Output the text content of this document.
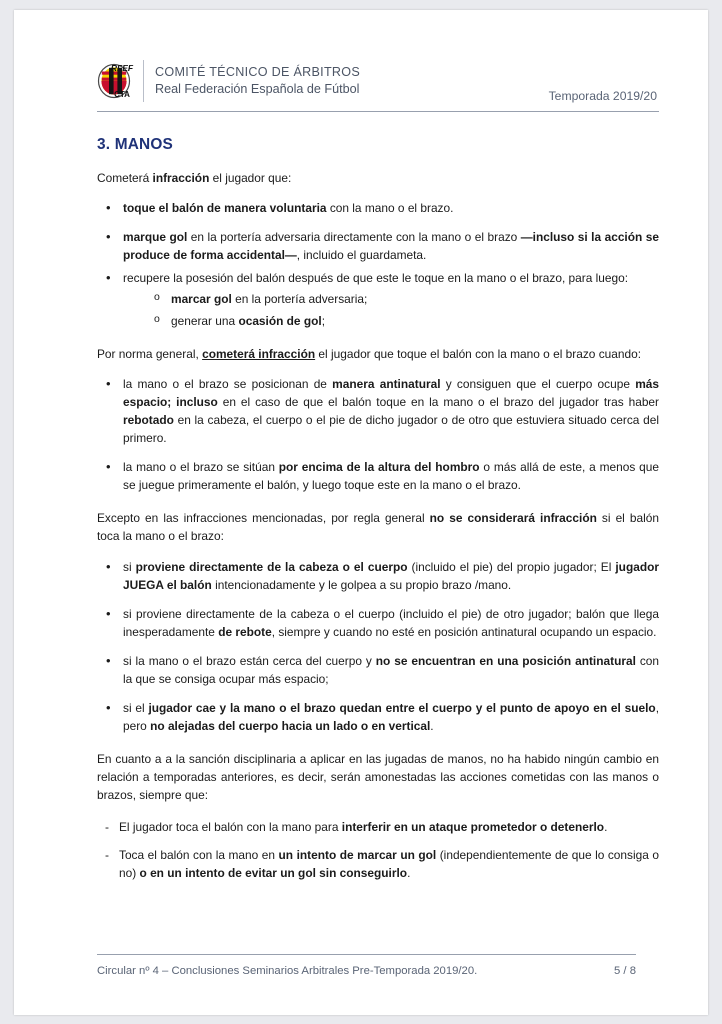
RFEF
CTA
COMITÉ TÉCNICO DE ÁRBITROS
Real Federación Española de Fútbol	Temporada 2019/20
3. MANOS

Cometerá infracción el jugador que:

• toque el balón de manera voluntaria con la mano o el brazo.
• marque gol en la portería adversaria directamente con la mano o el brazo —incluso si la acción se produce de forma accidental—, incluido el guardameta.
• recupere la posesión del balón después de que este le toque en la mano o el brazo, para luego:
o marcar gol en la portería adversaria;
o generar una ocasión de gol;

Por norma general, cometerá infracción el jugador que toque el balón con la mano o el brazo cuando:

• la mano o el brazo se posicionan de manera antinatural y consiguen que el cuerpo ocupe más espacio; incluso en el caso de que el balón toque en la mano o el brazo del jugador tras haber rebotado en la cabeza, el cuerpo o el pie de dicho jugador o de otro que estuviera situado cerca del primero.
• la mano o el brazo se sitúan por encima de la altura del hombro o más allá de este, a menos que se juegue primeramente el balón, y luego toque este en la mano o el brazo.

Excepto en las infracciones mencionadas, por regla general no se considerará infracción si el balón toca la mano o el brazo:

• si proviene directamente de la cabeza o el cuerpo (incluido el pie) del propio jugador; El jugador JUEGA el balón intencionadamente y le golpea a su propio brazo /mano.
• si proviene directamente de la cabeza o el cuerpo (incluido el pie) de otro jugador; balón que llega inesperadamente de rebote, siempre y cuando no esté en posición antinatural ocupando un espacio.
• si la mano o el brazo están cerca del cuerpo y no se encuentran en una posición antinatural con la que se consiga ocupar más espacio;
• si el jugador cae y la mano o el brazo quedan entre el cuerpo y el punto de apoyo en el suelo, pero no alejadas del cuerpo hacia un lado o en vertical.

En cuanto a a la sanción disciplinaria a aplicar en las jugadas de manos, no ha habido ningún cambio en relación a temporadas anteriores, es decir, serán amonestadas las acciones cometidas con las manos o brazos, siempre que:

- El jugador toca el balón con la mano para interferir en un ataque prometedor o detenerlo.
- Toca el balón con la mano en un intento de marcar un gol (independientemente de que lo consiga o no) o en un intento de evitar un gol sin conseguirlo.
Circular nº 4 – Conclusiones Seminarios Arbitrales Pre-Temporada 2019/20.	5 / 8
